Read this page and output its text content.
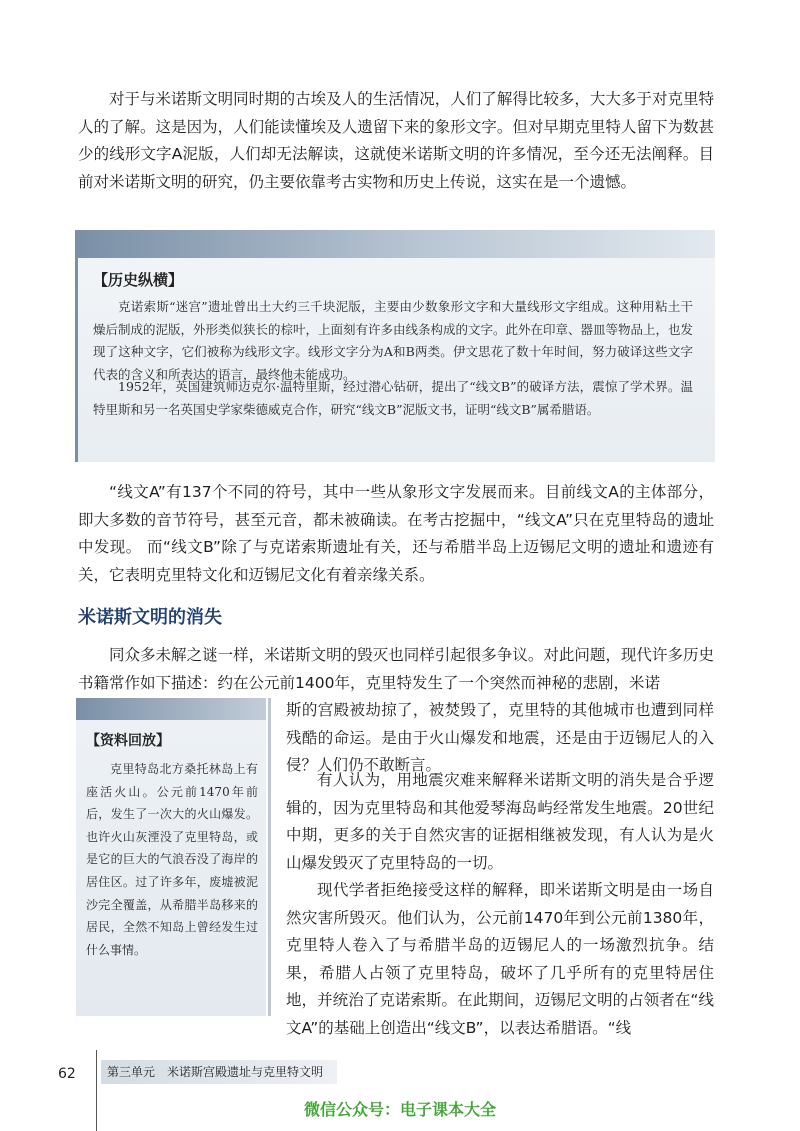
对于与米诺斯文明同时期的古埃及人的生活情况，人们了解得比较多，大大多于对克里特人的了解。这是因为，人们能读懂埃及人遗留下来的象形文字。但对早期克里特人留下为数甚少的线形文字A泥版，人们却无法解读，这就使米诺斯文明的许多情况，至今还无法阐释。目前对米诺斯文明的研究，仍主要依靠考古实物和历史上传说，这实在是一个遗憾。

【历史纵横】

克诺索斯“迷宫”遗址曾出土大约三千块泥版，主要由少数象形文字和大量线形文字组成。这种用粘土干燥后制成的泥版，外形类似狭长的棕叶，上面刻有许多由线条构成的文字。此外在印章、器皿等物品上，也发现了这种文字，它们被称为线形文字。线形文字分为A和B两类。伊文思花了数十年时间，努力破译这些文字代表的含义和所表达的语言，最终他未能成功。

1952年，英国建筑师迈克尔·温特里斯，经过潜心钻研，提出了“线文B”的破译方法，震惊了学术界。温特里斯和另一名英国史学家柴德威克合作，研究“线文B”泥版文书，证明“线文B”属希腊语。

“线文A”有137个不同的符号，其中一些从象形文字发展而来。目前线文A的主体部分，即大多数的音节符号，甚至元音，都未被确读。在考古挖掘中，“线文A”只在克里特岛的遗址中发现。 而“线文B”除了与克诺索斯遗址有关，还与希腊半岛上迈锡尼文明的遗址和遗迹有关，它表明克里特文化和迈锡尼文化有着亲缘关系。

米诺斯文明的消失

同众多未解之谜一样，米诺斯文明的毁灭也同样引起很多争议。对此问题，现代许多历史书籍常作如下描述：约在公元前1400年，克里特发生了一个突然而神秘的悲剧，米诺

【资料回放】

克里特岛北方桑托林岛上有座活火山。公元前1470年前后，发生了一次大的火山爆发。也许火山灰湮没了克里特岛，或是它的巨大的气浪吞没了海岸的居住区。过了许多年，废墟被泥沙完全覆盖，从希腊半岛移来的居民，全然不知岛上曾经发生过什么事情。

斯的宫殿被劫掠了，被焚毁了，克里特的其他城市也遭到同样残酷的命运。是由于火山爆发和地震，还是由于迈锡尼人的入侵？人们仍不敢断言。

有人认为，用地震灾难来解释米诺斯文明的消失是合乎逻辑的，因为克里特岛和其他爱琴海岛屿经常发生地震。20世纪中期，更多的关于自然灾害的证据相继被发现，有人认为是火山爆发毁灭了克里特岛的一切。

现代学者拒绝接受这样的解释，即米诺斯文明是由一场自然灾害所毁灭。他们认为，公元前1470年到公元前1380年，克里特人卷入了与希腊半岛的迈锡尼人的一场激烈抗争。结果，希腊人占领了克里特岛，破坏了几乎所有的克里特居住地，并统治了克诺索斯。在此期间，迈锡尼文明的占领者在“线文A”的基础上创造出“线文B”，以表达希腊语。“线

62	第三单元　米诺斯宫殿遗址与克里特文明
微信公众号：电子课本大全
